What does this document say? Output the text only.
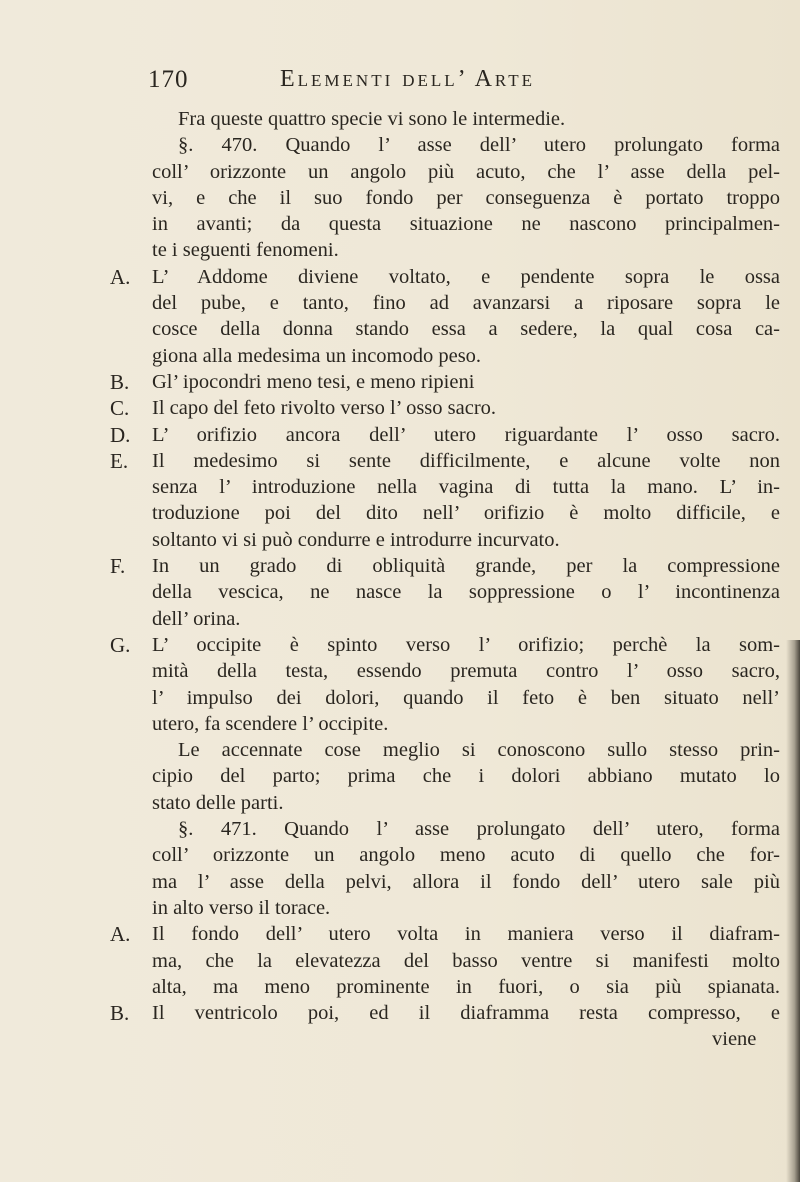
170	Elementi dell’ Arte
Fra queste quattro specie vi sono le intermedie.
§. 470. Quando l’ asse dell’ utero prolungato forma
coll’ orizzonte un angolo più acuto, che l’ asse della pel-
vi, e che il suo fondo per conseguenza è portato troppo
in avanti; da questa situazione ne nascono principalmen-
te i seguenti fenomeni.
A.	L’ Addome diviene voltato, e pendente sopra le ossa
del pube, e tanto, fino ad avanzarsi a riposare sopra le
cosce della donna stando essa a sedere, la qual cosa ca-
giona alla medesima un incomodo peso.
B.	Gl’ ipocondri meno tesi, e meno ripieni
C.	Il capo del feto rivolto verso l’ osso sacro.
D.	L’ orifizio ancora dell’ utero riguardante l’ osso sacro.
E.	Il medesimo si sente difficilmente, e alcune volte non
senza l’ introduzione nella vagina di tutta la mano. L’ in-
troduzione poi del dito nell’ orifizio è molto difficile, e
soltanto vi si può condurre e introdurre incurvato.
F.	In un grado di obliquità grande, per la compressione
della vescica, ne nasce la soppressione o l’ incontinenza
dell’ orina.
G.	L’ occipite è spinto verso l’ orifizio; perchè la som-
mità della testa, essendo premuta contro l’ osso sacro,
l’ impulso dei dolori, quando il feto è ben situato nell’
utero, fa scendere l’ occipite.
Le accennate cose meglio si conoscono sullo stesso prin-
cipio del parto; prima che i dolori abbiano mutato lo
stato delle parti.
§. 471. Quando l’ asse prolungato dell’ utero, forma
coll’ orizzonte un angolo meno acuto di quello che for-
ma l’ asse della pelvi, allora il fondo dell’ utero sale più
in alto verso il torace.
A.	Il fondo dell’ utero volta in maniera verso il diafram-
ma, che la elevatezza del basso ventre si manifesti molto
alta, ma meno prominente in fuori, o sia più spianata.
B.	Il ventricolo poi, ed il diaframma resta compresso, e
viene
